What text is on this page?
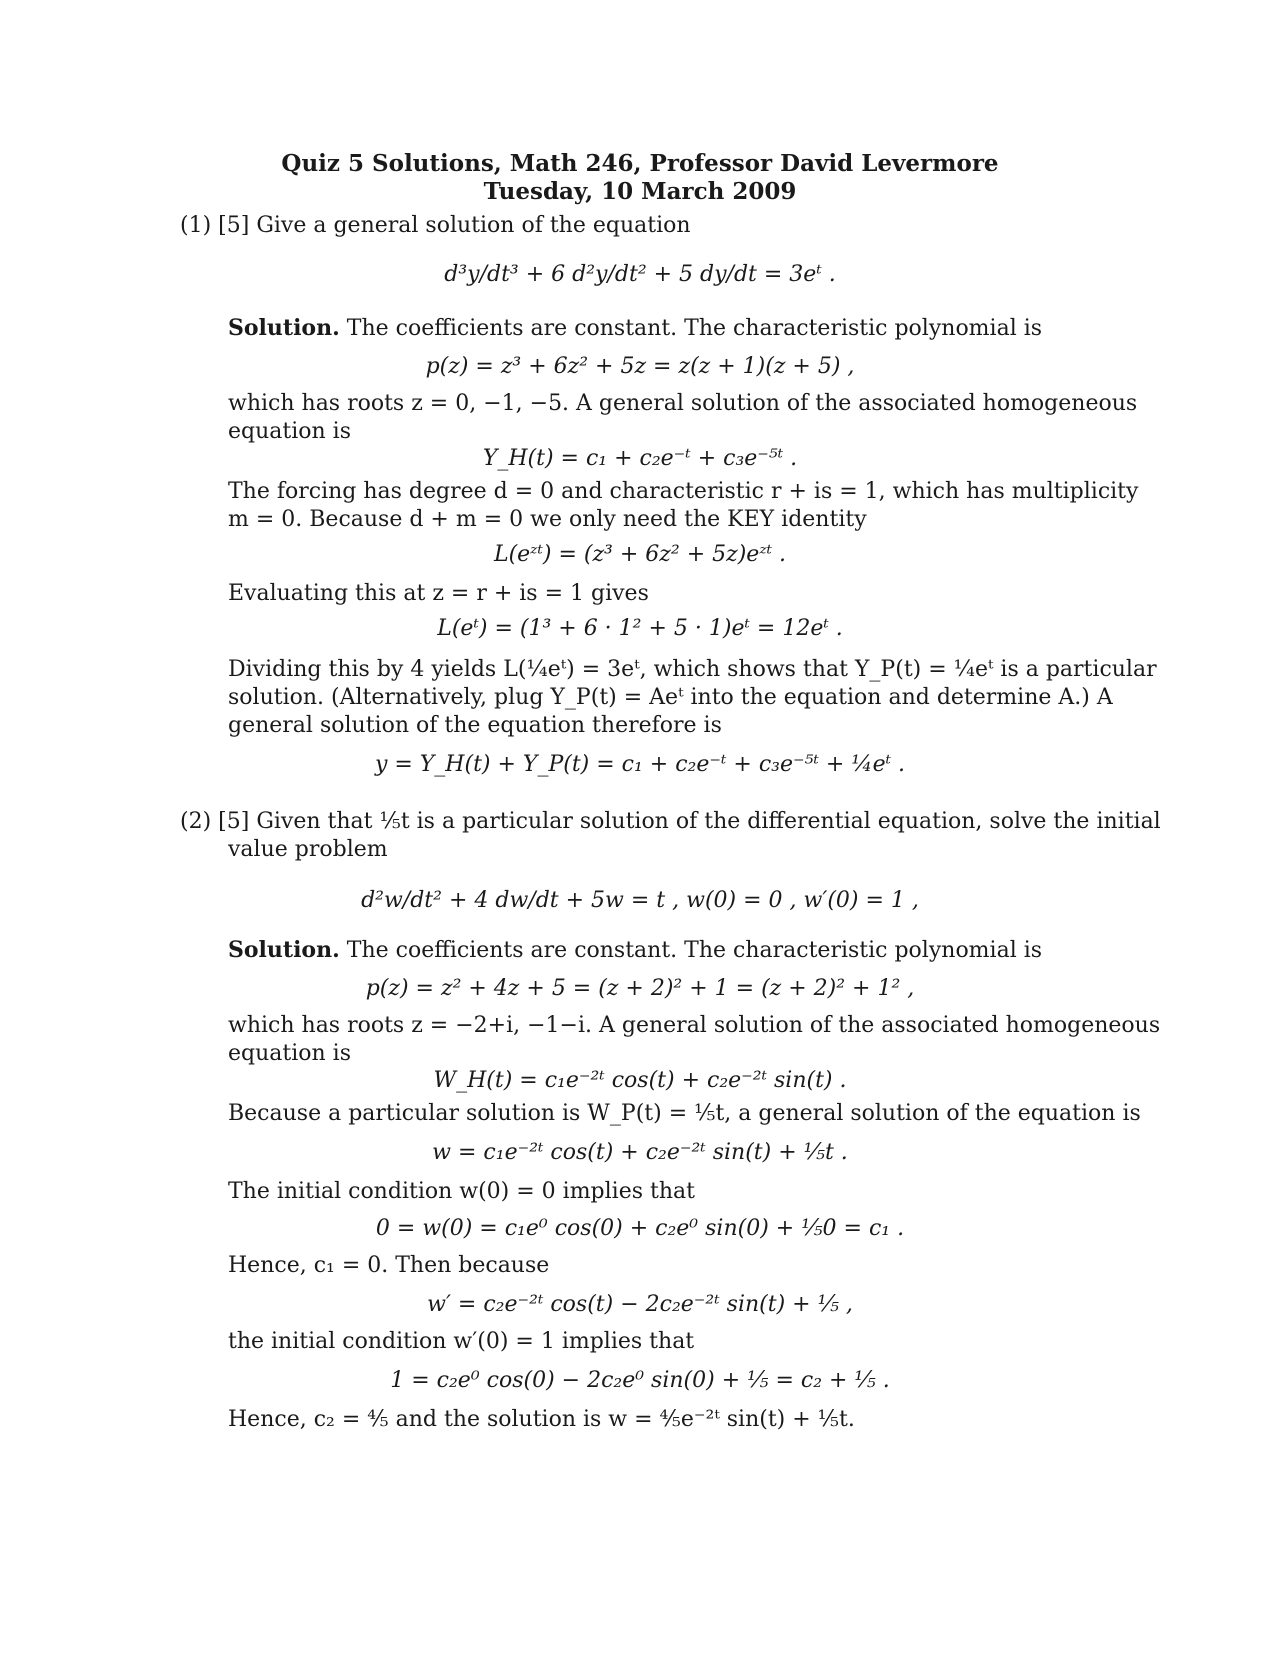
Quiz 5 Solutions, Math 246, Professor David Levermore
Tuesday, 10 March 2009
(1) [5] Give a general solution of the equation
d³y/dt³ + 6 d²y/dt² + 5 dy/dt = 3eᵗ .
Solution. The coefficients are constant. The characteristic polynomial is
p(z) = z³ + 6z² + 5z = z(z + 1)(z + 5) ,
which has roots z = 0, −1, −5. A general solution of the associated homogeneous
equation is
Y_H(t) = c₁ + c₂e⁻ᵗ + c₃e⁻⁵ᵗ .
The forcing has degree d = 0 and characteristic r + is = 1, which has multiplicity
m = 0. Because d + m = 0 we only need the KEY identity
L(eᶻᵗ) = (z³ + 6z² + 5z)eᶻᵗ .
Evaluating this at z = r + is = 1 gives
L(eᵗ) = (1³ + 6 · 1² + 5 · 1)eᵗ = 12eᵗ .
Dividing this by 4 yields L(¼eᵗ) = 3eᵗ, which shows that Y_P(t) = ¼eᵗ is a particular
solution. (Alternatively, plug Y_P(t) = Aeᵗ into the equation and determine A.) A
general solution of the equation therefore is
y = Y_H(t) + Y_P(t) = c₁ + c₂e⁻ᵗ + c₃e⁻⁵ᵗ + ¼eᵗ .
(2) [5] Given that ⅕t is a particular solution of the differential equation, solve the initial
value problem
d²w/dt² + 4 dw/dt + 5w = t , w(0) = 0 , w′(0) = 1 ,
Solution. The coefficients are constant. The characteristic polynomial is
p(z) = z² + 4z + 5 = (z + 2)² + 1 = (z + 2)² + 1² ,
which has roots z = −2+i, −1−i. A general solution of the associated homogeneous
equation is
W_H(t) = c₁e⁻²ᵗ cos(t) + c₂e⁻²ᵗ sin(t) .
Because a particular solution is W_P(t) = ⅕t, a general solution of the equation is
w = c₁e⁻²ᵗ cos(t) + c₂e⁻²ᵗ sin(t) + ⅕t .
The initial condition w(0) = 0 implies that
0 = w(0) = c₁e⁰ cos(0) + c₂e⁰ sin(0) + ⅕0 = c₁ .
Hence, c₁ = 0. Then because
w′ = c₂e⁻²ᵗ cos(t) − 2c₂e⁻²ᵗ sin(t) + ⅕ ,
the initial condition w′(0) = 1 implies that
1 = c₂e⁰ cos(0) − 2c₂e⁰ sin(0) + ⅕ = c₂ + ⅕ .
Hence, c₂ = ⅘ and the solution is w = ⅘e⁻²ᵗ sin(t) + ⅕t.
